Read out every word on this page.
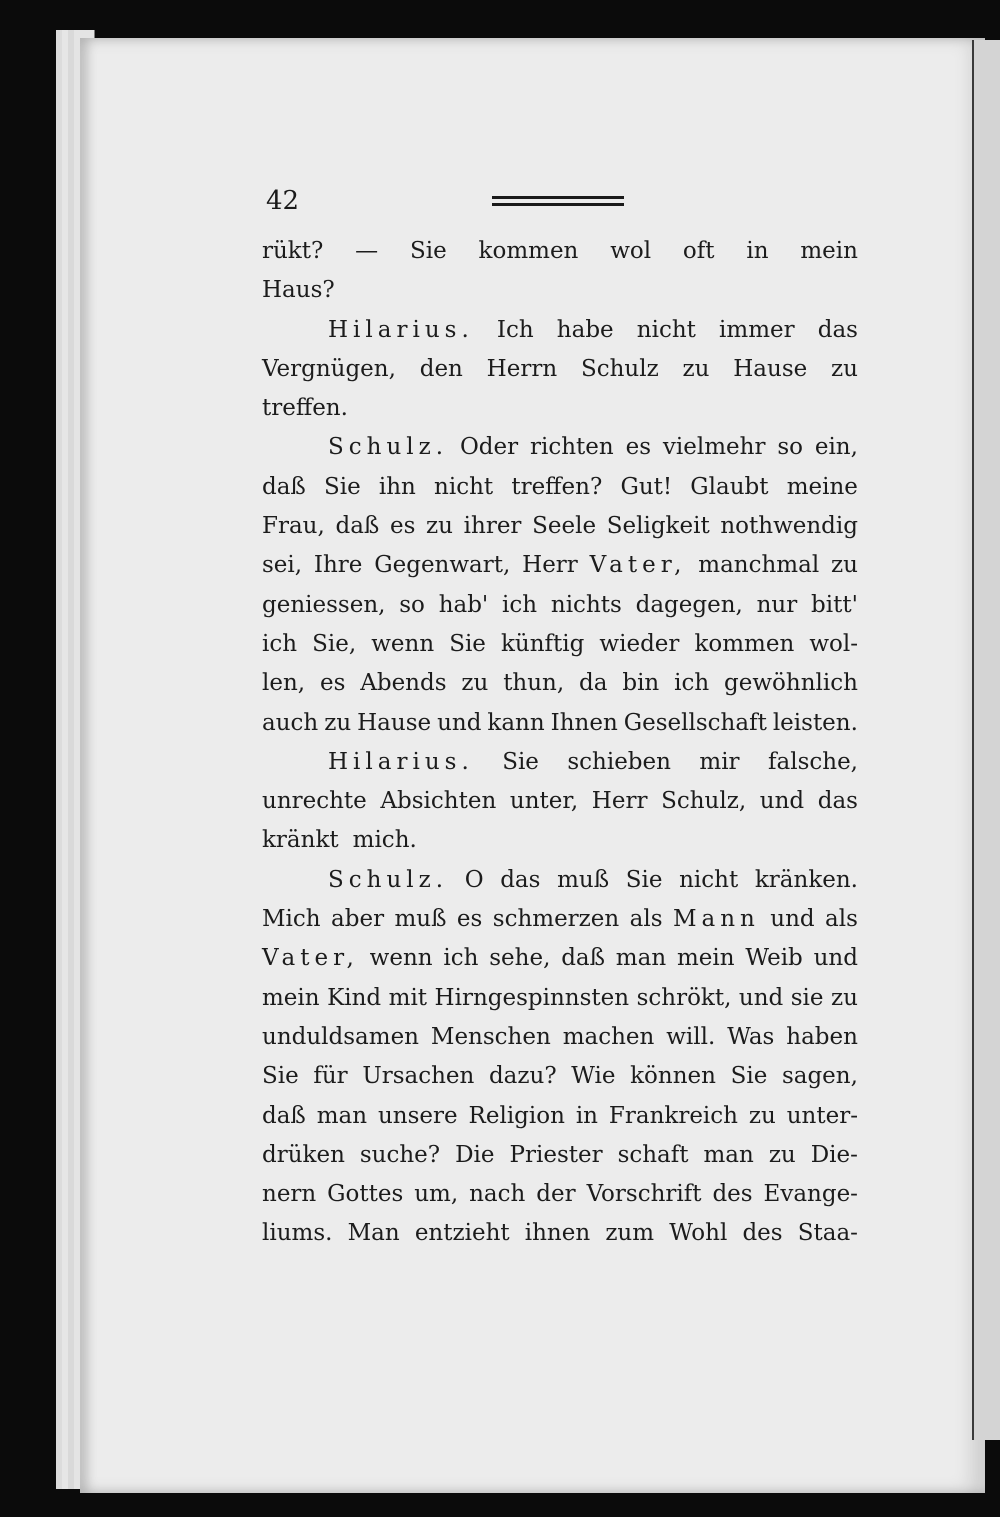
42
rükt? — Sie kommen wol oft in mein
Haus?
Hilarius. Ich habe nicht immer das
Vergnügen, den Herrn Schulz zu Hause zu
treffen.
Schulz. Oder richten es vielmehr so ein,
daß Sie ihn nicht treffen? Gut! Glaubt meine
Frau, daß es zu ihrer Seele Seligkeit nothwendig
sei, Ihre Gegenwart, Herr Vater, manchmal zu
geniessen, so hab' ich nichts dagegen, nur bitt'
ich Sie, wenn Sie künftig wieder kommen wol-
len, es Abends zu thun, da bin ich gewöhnlich
auch zu Hause und kann Ihnen Gesellschaft leisten.
Hilarius. Sie schieben mir falsche,
unrechte Absichten unter, Herr Schulz, und das
kränkt mich.
Schulz. O das muß Sie nicht kränken.
Mich aber muß es schmerzen als Mann und als
Vater, wenn ich sehe, daß man mein Weib und
mein Kind mit Hirngespinnsten schrökt, und sie zu
unduldsamen Menschen machen will. Was haben
Sie für Ursachen dazu? Wie können Sie sagen,
daß man unsere Religion in Frankreich zu unter-
drüken suche? Die Priester schaft man zu Die-
nern Gottes um, nach der Vorschrift des Evange-
liums. Man entzieht ihnen zum Wohl des Staa-
